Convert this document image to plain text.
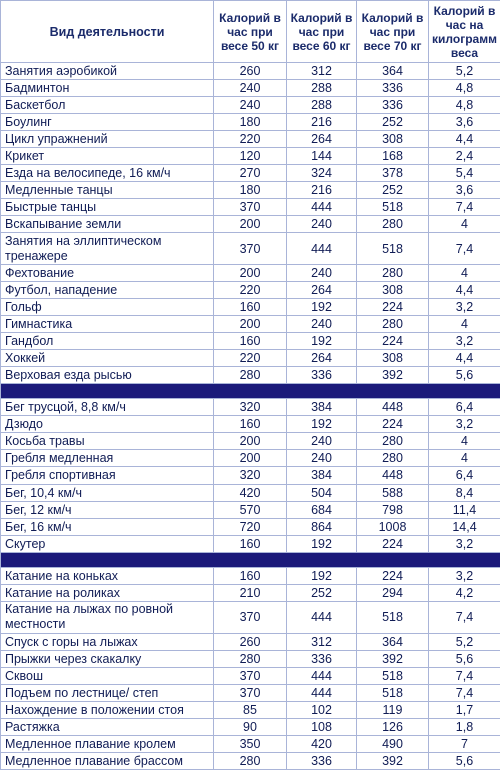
Вид деятельности	Калорий в час при весе 50 кг	Калорий в час при весе 60 кг	Калорий в час при весе 70 кг	Калорий в час на килограмм веса
Занятия аэробикой	260	312	364	5,2
Бадминтон	240	288	336	4,8
Баскетбол	240	288	336	4,8
Боулинг	180	216	252	3,6
Цикл упражнений	220	264	308	4,4
Крикет	120	144	168	2,4
Езда на велосипеде, 16 км/ч	270	324	378	5,4
Медленные танцы	180	216	252	3,6
Быстрые танцы	370	444	518	7,4
Вскапывание земли	200	240	280	4
Занятия на эллиптическом тренажере	370	444	518	7,4
Фехтование	200	240	280	4
Футбол, нападение	220	264	308	4,4
Гольф	160	192	224	3,2
Гимнастика	200	240	280	4
Гандбол	160	192	224	3,2
Хоккей	220	264	308	4,4
Верховая езда рысью	280	336	392	5,6

Бег трусцой, 8,8 км/ч	320	384	448	6,4
Дзюдо	160	192	224	3,2
Косьба травы	200	240	280	4
Гребля медленная	200	240	280	4
Гребля спортивная	320	384	448	6,4
Бег, 10,4 км/ч	420	504	588	8,4
Бег, 12 км/ч	570	684	798	11,4
Бег, 16 км/ч	720	864	1008	14,4
Скутер	160	192	224	3,2

Катание на коньках	160	192	224	3,2
Катание на роликах	210	252	294	4,2
Катание на лыжах по ровной местности	370	444	518	7,4
Спуск с горы на лыжах	260	312	364	5,2
Прыжки через скакалку	280	336	392	5,6
Сквош	370	444	518	7,4
Подъем по лестнице/ степ	370	444	518	7,4
Нахождение в положении стоя	85	102	119	1,7
Растяжка	90	108	126	1,8
Медленное плавание кролем	350	420	490	7
Медленное плавание брассом	280	336	392	5,6
